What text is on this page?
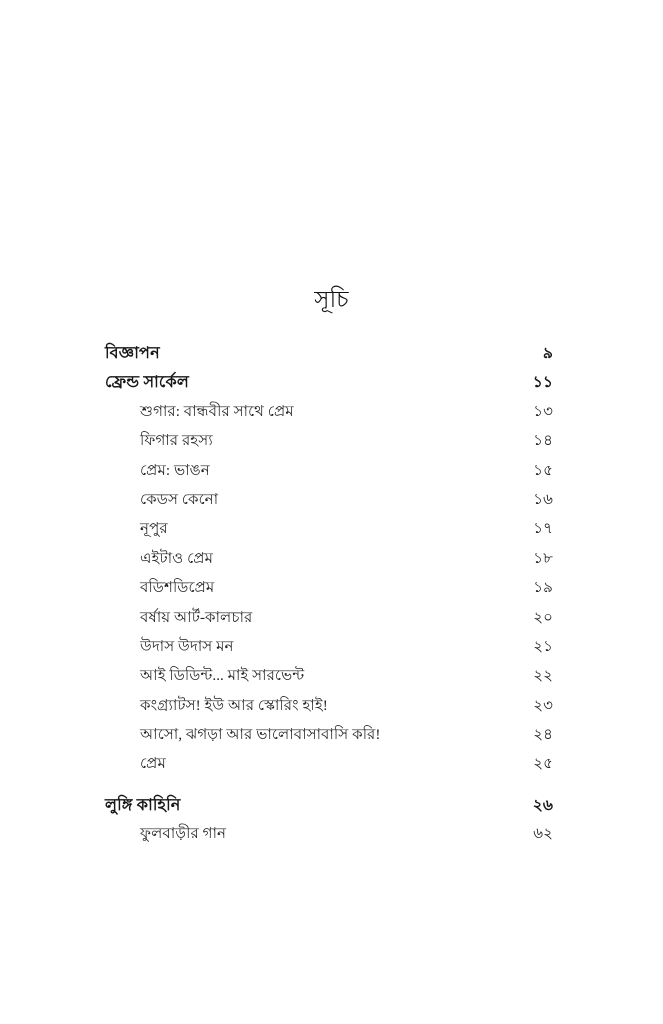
সূচি
বিজ্ঞাপন	৯
ফ্রেন্ড সার্কেল	১১
শুগার: বান্ধবীর সাথে প্রেম	১৩
ফিগার রহস্য	১৪
প্রেম: ভাঙন	১৫
কেডস কেনো	১৬
নূপুর	১৭
এইটাও প্রেম	১৮
বডিশডিপ্রেম	১৯
বর্ষায় আর্ট-কালচার	২০
উদাস উদাস মন	২১
আই ডিডিন্ট... মাই সারভেন্ট	২২
কংগ্র্যাটস! ইউ আর স্কোরিং হাই!	২৩
আসো, ঝগড়া আর ভালোবাসাবাসি করি!	২৪
প্রেম	২৫
লুঙ্গি কাহিনি	২৬
ফুলবাড়ীর গান	৬২
